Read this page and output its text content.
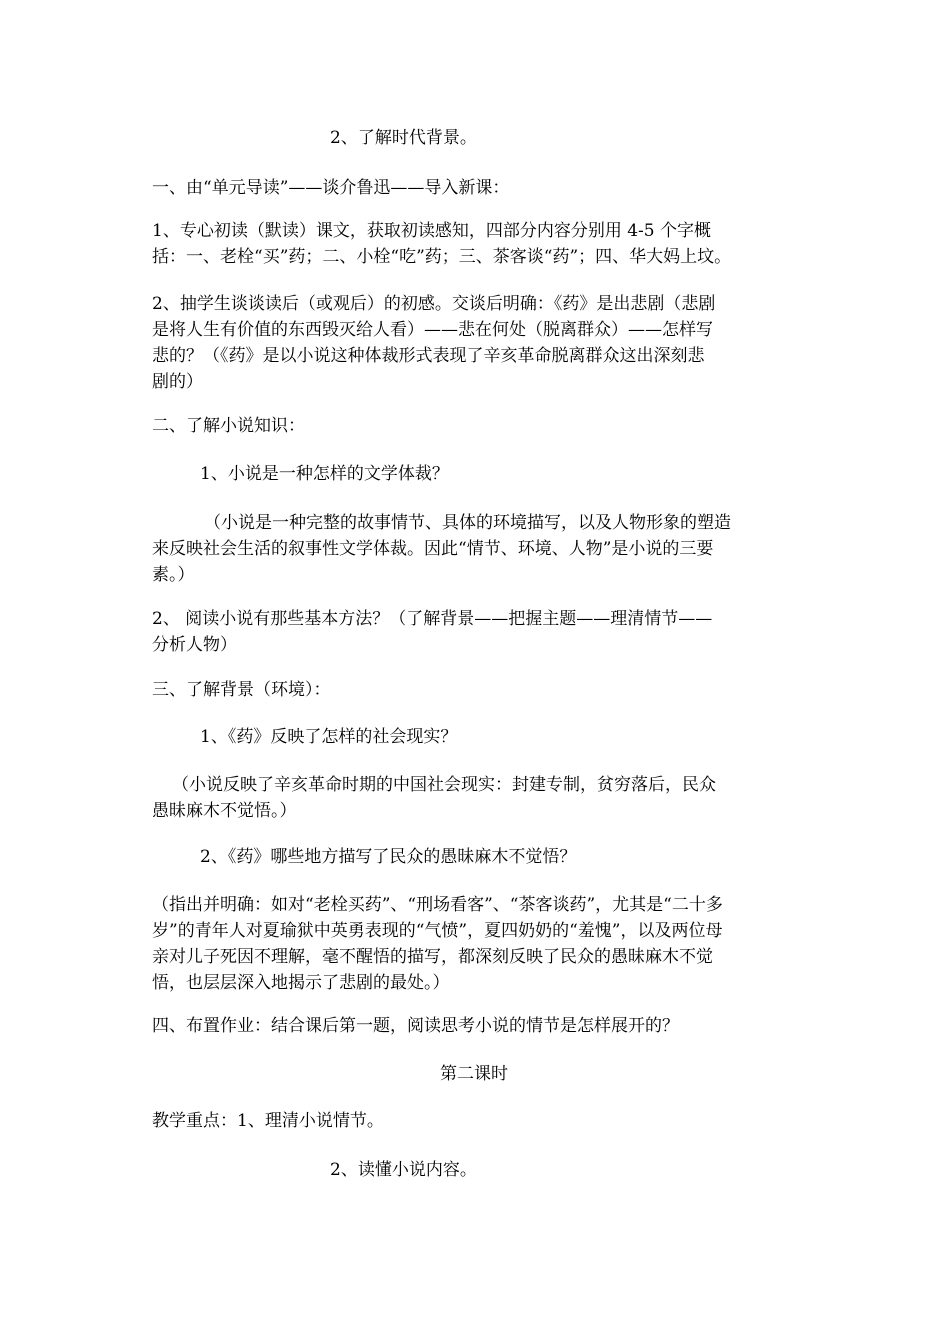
2、了解时代背景。

一、由“单元导读”——谈介鲁迅——导入新课：

1、专心初读（默读）课文，获取初读感知，四部分内容分别用 4-5 个字概
括：一、老栓“买”药；二、小栓“吃”药；三、茶客谈“药”；四、华大妈上坟。
2、抽学生谈谈读后（或观后）的初感。交谈后明确：《药》是出悲剧（悲剧
是将人生有价值的东西毁灭给人看）——悲在何处（脱离群众）——怎样写
悲的？（《药》是以小说这种体裁形式表现了辛亥革命脱离群众这出深刻悲
剧的）

二、了解小说知识：

1、小说是一种怎样的文学体裁？

（小说是一种完整的故事情节、具体的环境描写，以及人物形象的塑造
来反映社会生活的叙事性文学体裁。因此“情节、环境、人物”是小说的三要
素。）
2、 阅读小说有那些基本方法？（了解背景——把握主题——理清情节——
分析人物）

三、了解背景（环境）：

1、《药》反映了怎样的社会现实？

（小说反映了辛亥革命时期的中国社会现实：封建专制，贫穷落后，民众
愚昧麻木不觉悟。）

2、《药》哪些地方描写了民众的愚昧麻木不觉悟？

（指出并明确：如对“老栓买药”、“刑场看客”、“茶客谈药”，尤其是“二十多
岁”的青年人对夏瑜狱中英勇表现的“气愤”，夏四奶奶的“羞愧”，以及两位母
亲对儿子死因不理解，毫不醒悟的描写，都深刻反映了民众的愚昧麻木不觉
悟，也层层深入地揭示了悲剧的最处。）

四、布置作业：结合课后第一题，阅读思考小说的情节是怎样展开的？

第二课时

教学重点：1、理清小说情节。

2、读懂小说内容。
